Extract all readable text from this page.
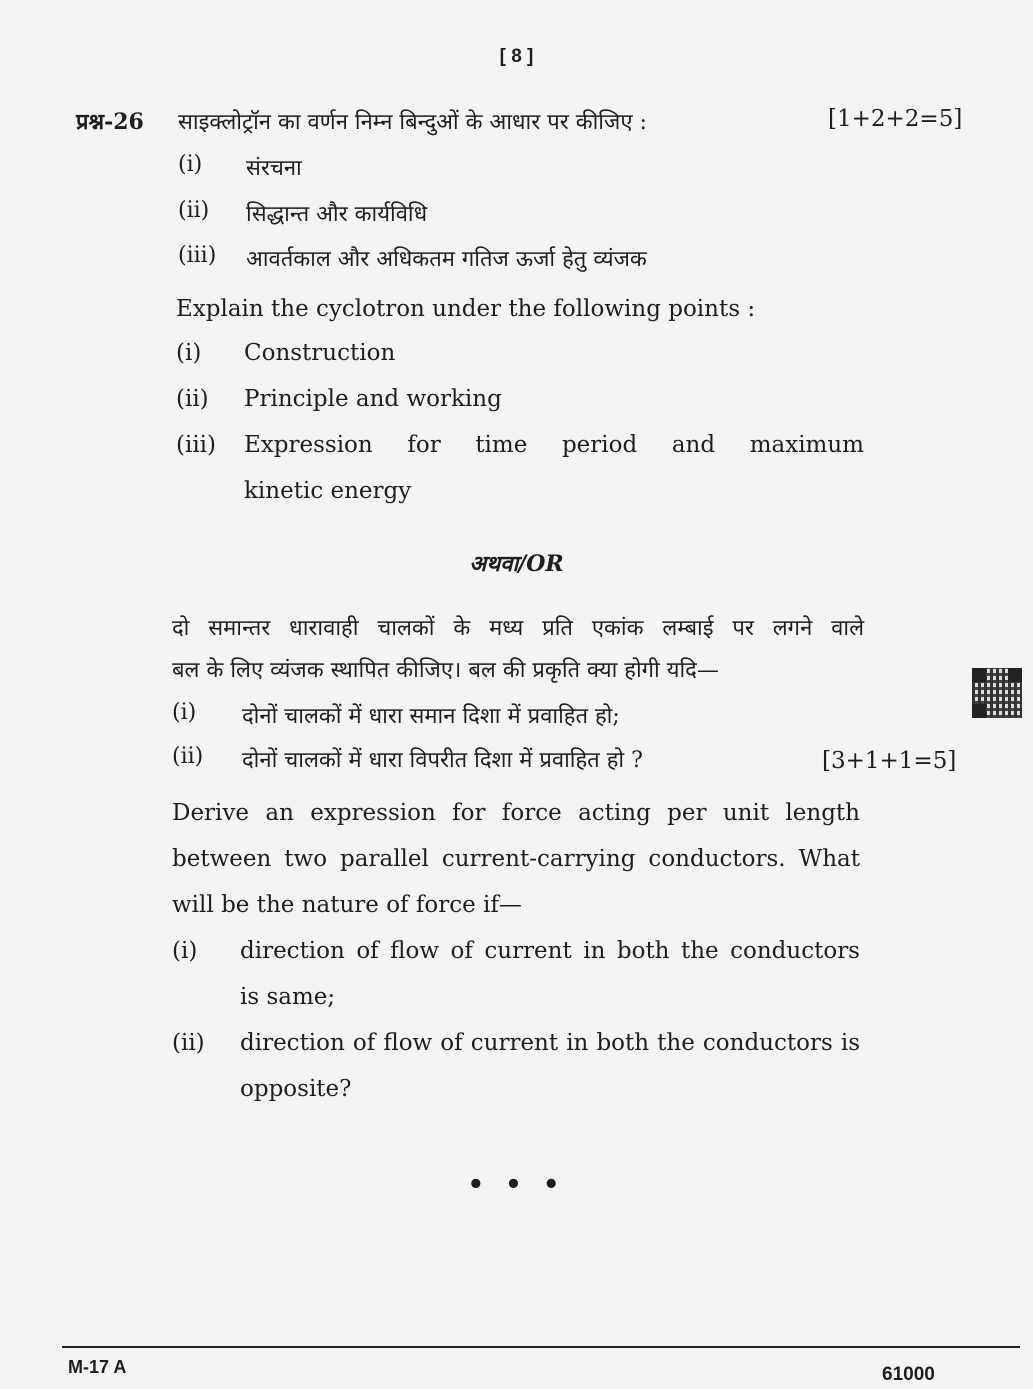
[ 8 ]
प्रश्न-26 साइक्लोट्रॉन का वर्णन निम्न बिन्दुओं के आधार पर कीजिए :	[1+2+2=5]
(i) संरचना
(ii) सिद्धान्त और कार्यविधि
(iii) आवर्तकाल और अधिकतम गतिज ऊर्जा हेतु व्यंजक
Explain the cyclotron under the following points :
(i) Construction
(ii) Principle and working
(iii) Expression for time period and maximum
kinetic energy
अथवा/OR
दो समान्तर धारावाही चालकों के मध्य प्रति एकांक लम्बाई पर लगने वाले
बल के लिए व्यंजक स्थापित कीजिए। बल की प्रकृति क्या होगी यदि—
(i) दोनों चालकों में धारा समान दिशा में प्रवाहित हो;
(ii) दोनों चालकों में धारा विपरीत दिशा में प्रवाहित हो ?	[3+1+1=5]
Derive an expression for force acting per unit length
between two parallel current-carrying conductors. What
will be the nature of force if—
(i) direction of flow of current in both the conductors
is same;
(ii) direction of flow of current in both the conductors is
opposite?
• • •
M-17 A	61000
